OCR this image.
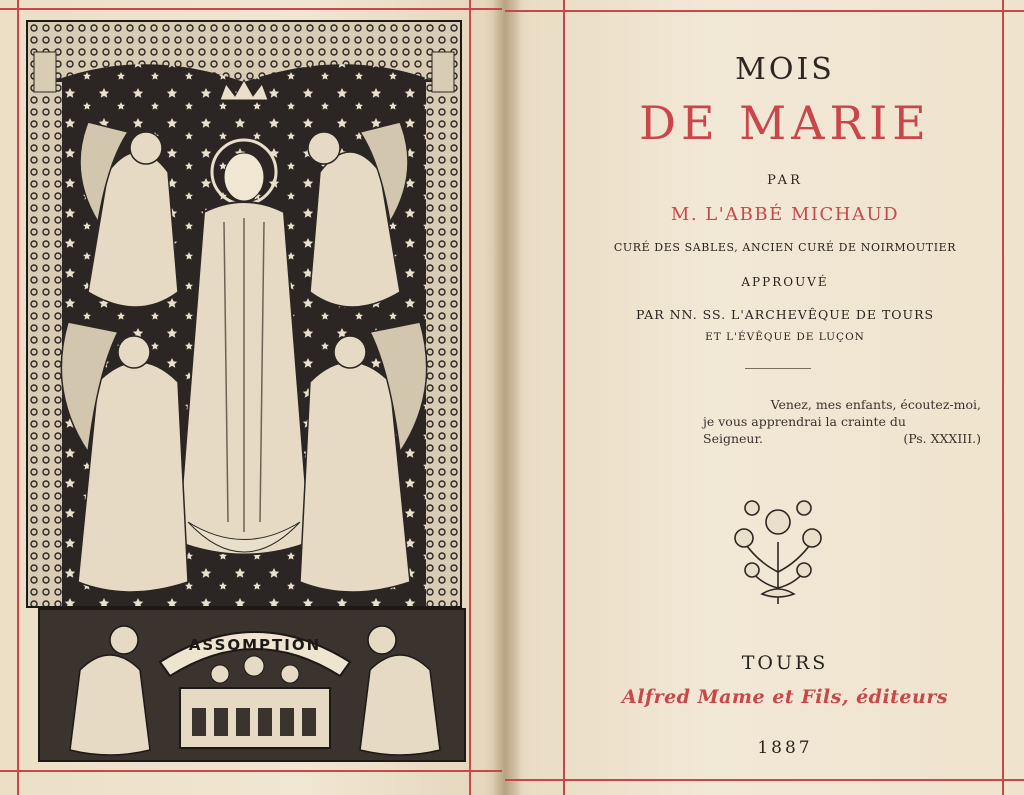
ASSOMPTION
MOIS
DE MARIE
PAR
M. L'ABBÉ MICHAUD
CURÉ DES SABLES, ANCIEN CURÉ DE NOIRMOUTIER
APPROUVÉ
PAR NN. SS. L'ARCHEVÊQUE DE TOURS
ET L'ÉVÊQUE DE LUÇON
Venez, mes enfants, écoutez-moi,
je vous apprendrai la crainte du
Seigneur.	(Ps. XXXIII.)
TOURS
Alfred Mame et Fils, éditeurs
1887
